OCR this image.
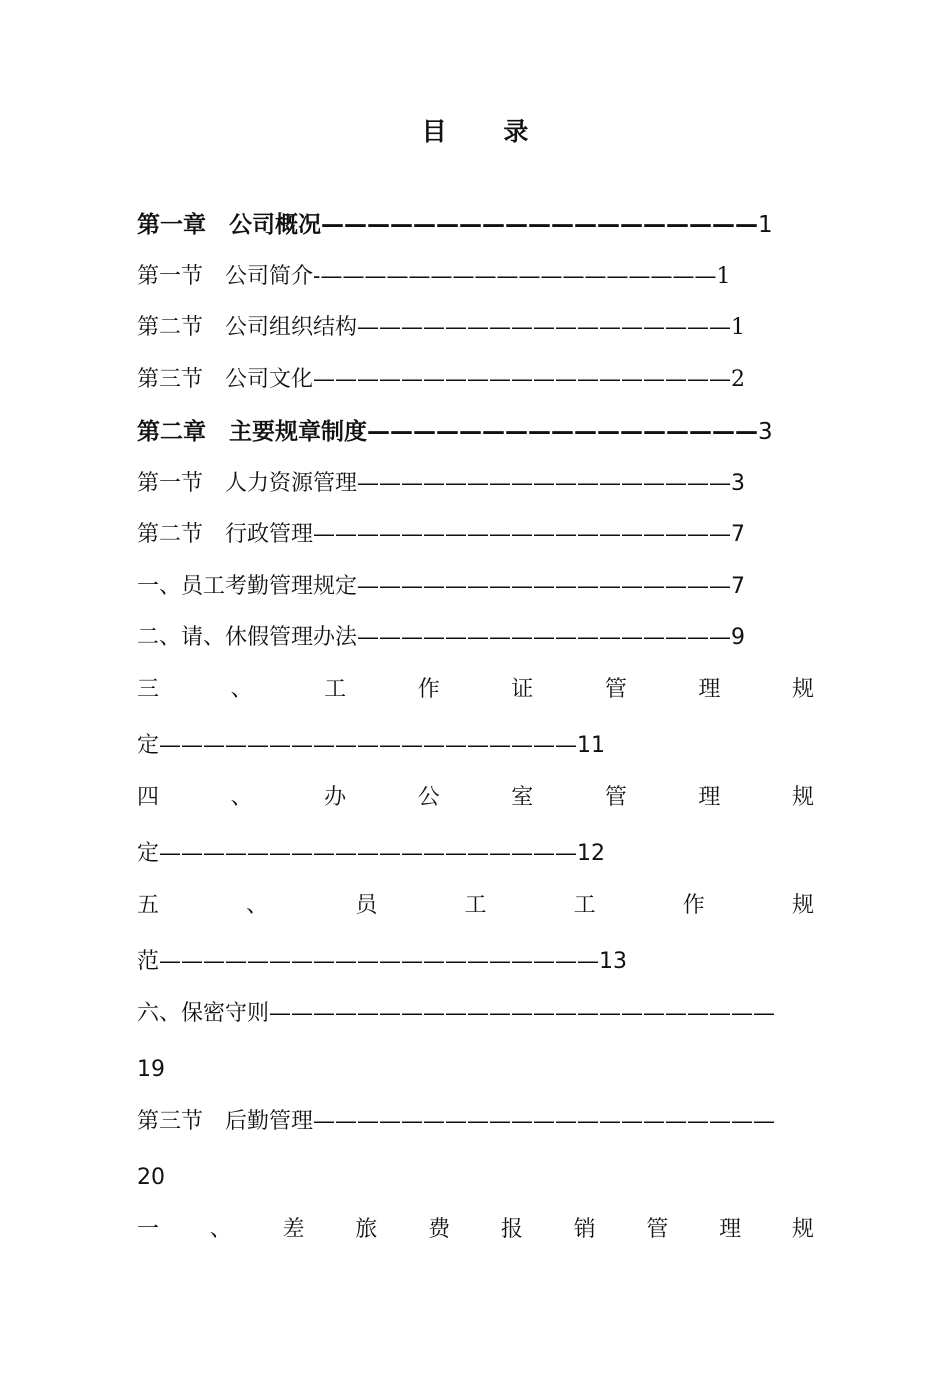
目 录
第一章　公司概况———————————————————1
第一节　公司简介-——————————————————1
第二节　公司组织结构—————————————————1
第三节　公司文化———————————————————2
第二章　主要规章制度—————————————————3
第一节　人力资源管理—————————————————3
第二节　行政管理———————————————————7
一、员工考勤管理规定—————————————————7
二、请、休假管理办法—————————————————9
三	、	工	作	证	管	理	规
定———————————————————11
四	、	办	公	室	管	理	规
定———————————————————12
五	、	员	工	工	作	规
范————————————————————13
六、保密守则———————————————————————
19
第三节　后勤管理—————————————————————
20
一 、 差 旅 费 报 销 管 理 规
